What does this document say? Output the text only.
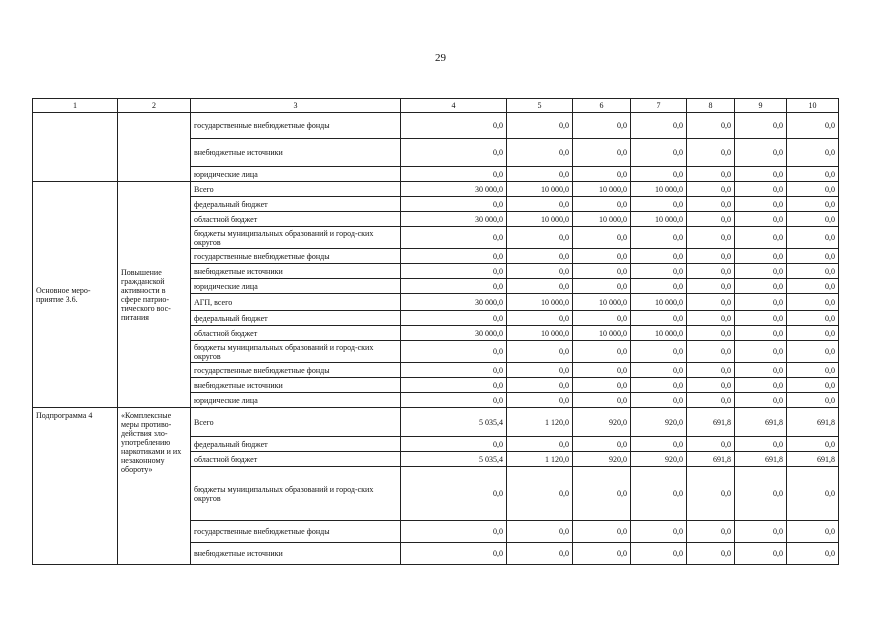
29
1	2	3	4	5	6	7	8	9	10
		государственные внебюджетные фонды	0,0	0,0	0,0	0,0	0,0	0,0	0,0
		внебюджетные источники	0,0	0,0	0,0	0,0	0,0	0,0	0,0
		юридические лица	0,0	0,0	0,0	0,0	0,0	0,0	0,0
Основное меро-приятие 3.6.	Повышение гражданской активности в сфере патрио-тического вос-питания	Всего	30 000,0	10 000,0	10 000,0	10 000,0	0,0	0,0	0,0
		федеральный бюджет	0,0	0,0	0,0	0,0	0,0	0,0	0,0
		областной бюджет	30 000,0	10 000,0	10 000,0	10 000,0	0,0	0,0	0,0
		бюджеты муниципальных образований и город-ских округов	0,0	0,0	0,0	0,0	0,0	0,0	0,0
		государственные внебюджетные фонды	0,0	0,0	0,0	0,0	0,0	0,0	0,0
		внебюджетные источники	0,0	0,0	0,0	0,0	0,0	0,0	0,0
		юридические лица	0,0	0,0	0,0	0,0	0,0	0,0	0,0
		АГП, всего	30 000,0	10 000,0	10 000,0	10 000,0	0,0	0,0	0,0
		федеральный бюджет	0,0	0,0	0,0	0,0	0,0	0,0	0,0
		областной бюджет	30 000,0	10 000,0	10 000,0	10 000,0	0,0	0,0	0,0
		бюджеты муниципальных образований и город-ских округов	0,0	0,0	0,0	0,0	0,0	0,0	0,0
		государственные внебюджетные фонды	0,0	0,0	0,0	0,0	0,0	0,0	0,0
		внебюджетные источники	0,0	0,0	0,0	0,0	0,0	0,0	0,0
		юридические лица	0,0	0,0	0,0	0,0	0,0	0,0	0,0
Подпрограмма 4	«Комплексные меры противо-действия зло-употреблению наркотиками и их незаконному обороту»	Всего	5 035,4	1 120,0	920,0	920,0	691,8	691,8	691,8
		федеральный бюджет	0,0	0,0	0,0	0,0	0,0	0,0	0,0
		областной бюджет	5 035,4	1 120,0	920,0	920,0	691,8	691,8	691,8
		бюджеты муниципальных образований и город-ских округов	0,0	0,0	0,0	0,0	0,0	0,0	0,0
		государственные внебюджетные фонды	0,0	0,0	0,0	0,0	0,0	0,0	0,0
		внебюджетные источники	0,0	0,0	0,0	0,0	0,0	0,0	0,0
